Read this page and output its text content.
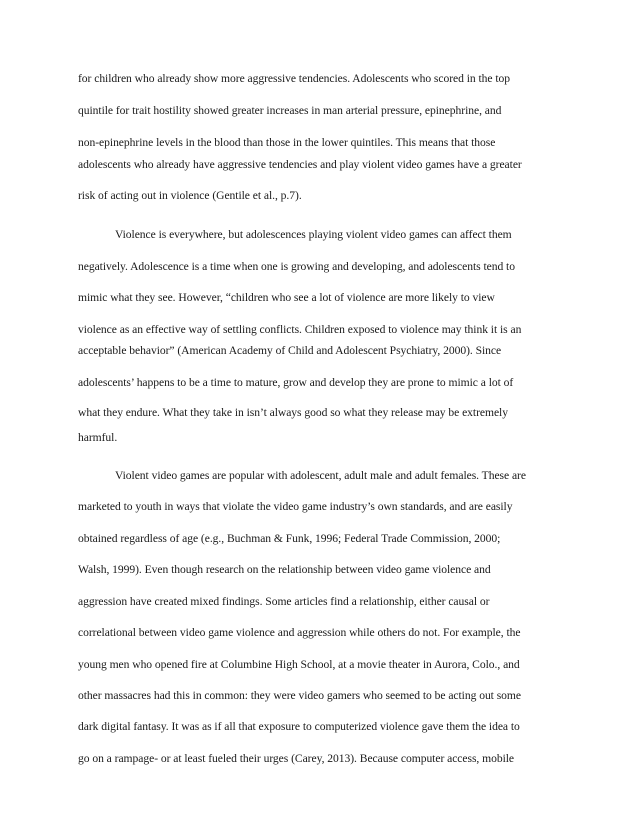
for children who already show more aggressive tendencies. Adolescents who scored in the top
quintile for trait hostility showed greater increases in man arterial pressure, epinephrine, and
non-epinephrine levels in the blood than those in the lower quintiles. This means that those
adolescents who already have aggressive tendencies and play violent video games have a greater
risk of acting out in violence (Gentile et al., p.7).
Violence is everywhere, but adolescences playing violent video games can affect them
negatively. Adolescence is a time when one is growing and developing, and adolescents tend to
mimic what they see. However, “children who see a lot of violence are more likely to view
violence as an effective way of settling conflicts. Children exposed to violence may think it is an
acceptable behavior” (American Academy of Child and Adolescent Psychiatry, 2000). Since
adolescents’ happens to be a time to mature, grow and develop they are prone to mimic a lot of
what they endure. What they take in isn’t always good so what they release may be extremely
harmful.
Violent video games are popular with adolescent, adult male and adult females. These are
marketed to youth in ways that violate the video game industry’s own standards, and are easily
obtained regardless of age (e.g., Buchman & Funk, 1996; Federal Trade Commission, 2000;
Walsh, 1999). Even though research on the relationship between video game violence and
aggression have created mixed findings. Some articles find a relationship, either causal or
correlational between video game violence and aggression while others do not. For example, the
young men who opened fire at Columbine High School, at a movie theater in Aurora, Colo., and
other massacres had this in common: they were video gamers who seemed to be acting out some
dark digital fantasy. It was as if all that exposure to computerized violence gave them the idea to
go on a rampage- or at least fueled their urges (Carey, 2013). Because computer access, mobile
